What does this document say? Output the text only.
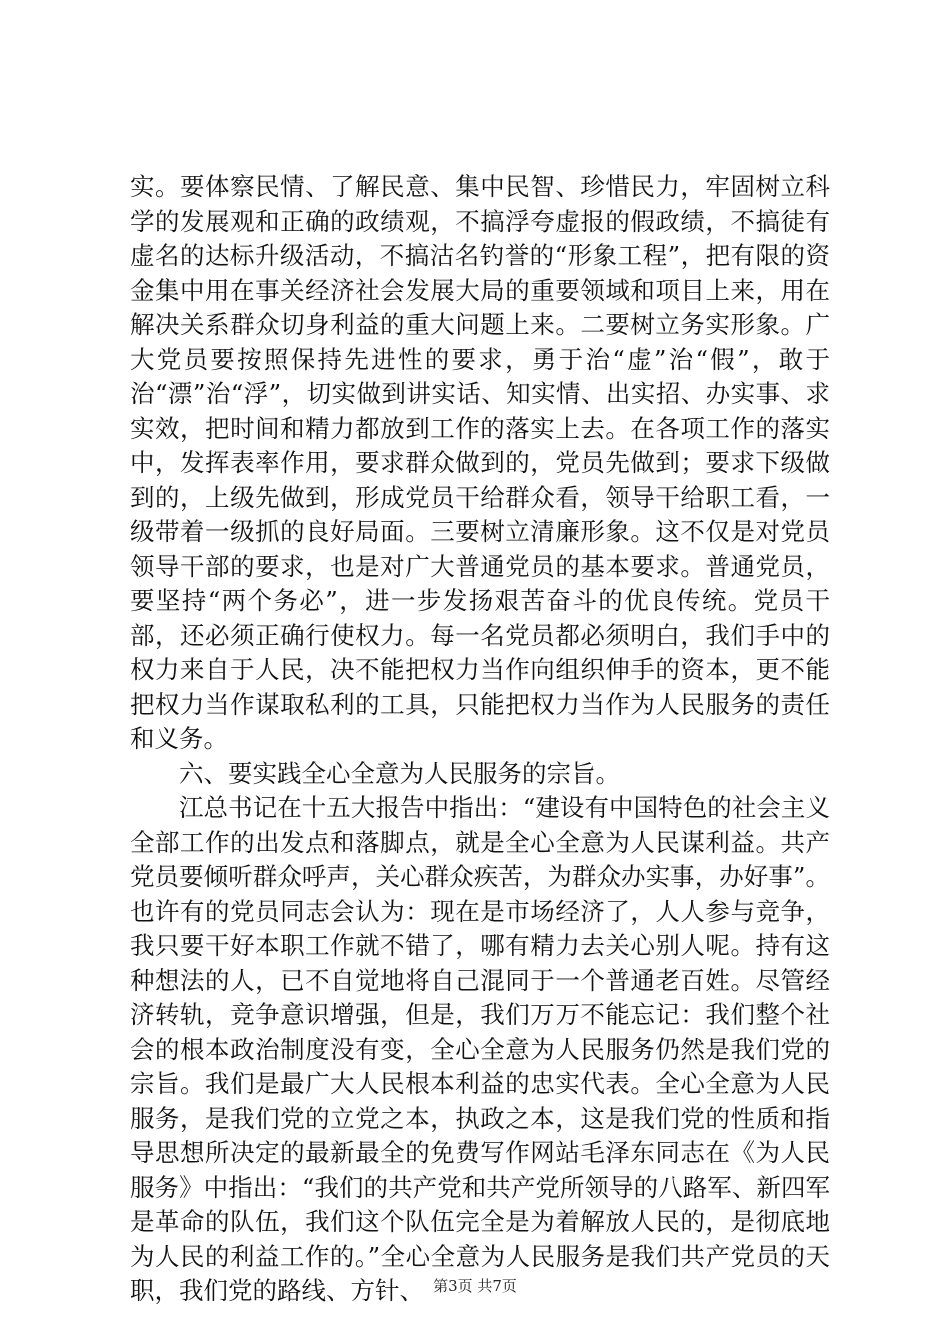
实。要体察民情、了解民意、集中民智、珍惜民力，牢固树立科学的发展观和正确的政绩观，不搞浮夸虚报的假政绩，不搞徒有虚名的达标升级活动，不搞沽名钓誉的“形象工程”，把有限的资金集中用在事关经济社会发展大局的重要领域和项目上来，用在解决关系群众切身利益的重大问题上来。二要树立务实形象。广大党员要按照保持先进性的要求，勇于治“虚”治“假”，敢于治“漂”治“浮”，切实做到讲实话、知实情、出实招、办实事、求实效，把时间和精力都放到工作的落实上去。在各项工作的落实中，发挥表率作用，要求群众做到的，党员先做到；要求下级做到的，上级先做到，形成党员干给群众看，领导干给职工看，一级带着一级抓的良好局面。三要树立清廉形象。这不仅是对党员领导干部的要求，也是对广大普通党员的基本要求。普通党员，要坚持“两个务必”，进一步发扬艰苦奋斗的优良传统。党员干部，还必须正确行使权力。每一名党员都必须明白，我们手中的权力来自于人民，决不能把权力当作向组织伸手的资本，更不能把权力当作谋取私利的工具，只能把权力当作为人民服务的责任和义务。

六、要实践全心全意为人民服务的宗旨。

江总书记在十五大报告中指出：“建设有中国特色的社会主义全部工作的出发点和落脚点，就是全心全意为人民谋利益。共产党员要倾听群众呼声，关心群众疾苦，为群众办实事，办好事”。也许有的党员同志会认为：现在是市场经济了，人人参与竞争，我只要干好本职工作就不错了，哪有精力去关心别人呢。持有这种想法的人，已不自觉地将自己混同于一个普通老百姓。尽管经济转轨，竞争意识增强，但是，我们万万不能忘记：我们整个社会的根本政治制度没有变，全心全意为人民服务仍然是我们党的宗旨。我们是最广大人民根本利益的忠实代表。全心全意为人民服务，是我们党的立党之本，执政之本，这是我们党的性质和指导思想所决定的最新最全的免费写作网站毛泽东同志在《为人民服务》中指出：“我们的共产党和共产党所领导的八路军、新四军是革命的队伍，我们这个队伍完全是为着解放人民的，是彻底地为人民的利益工作的。”全心全意为人民服务是我们共产党员的天职，我们党的路线、方针、 第3页 共7页
